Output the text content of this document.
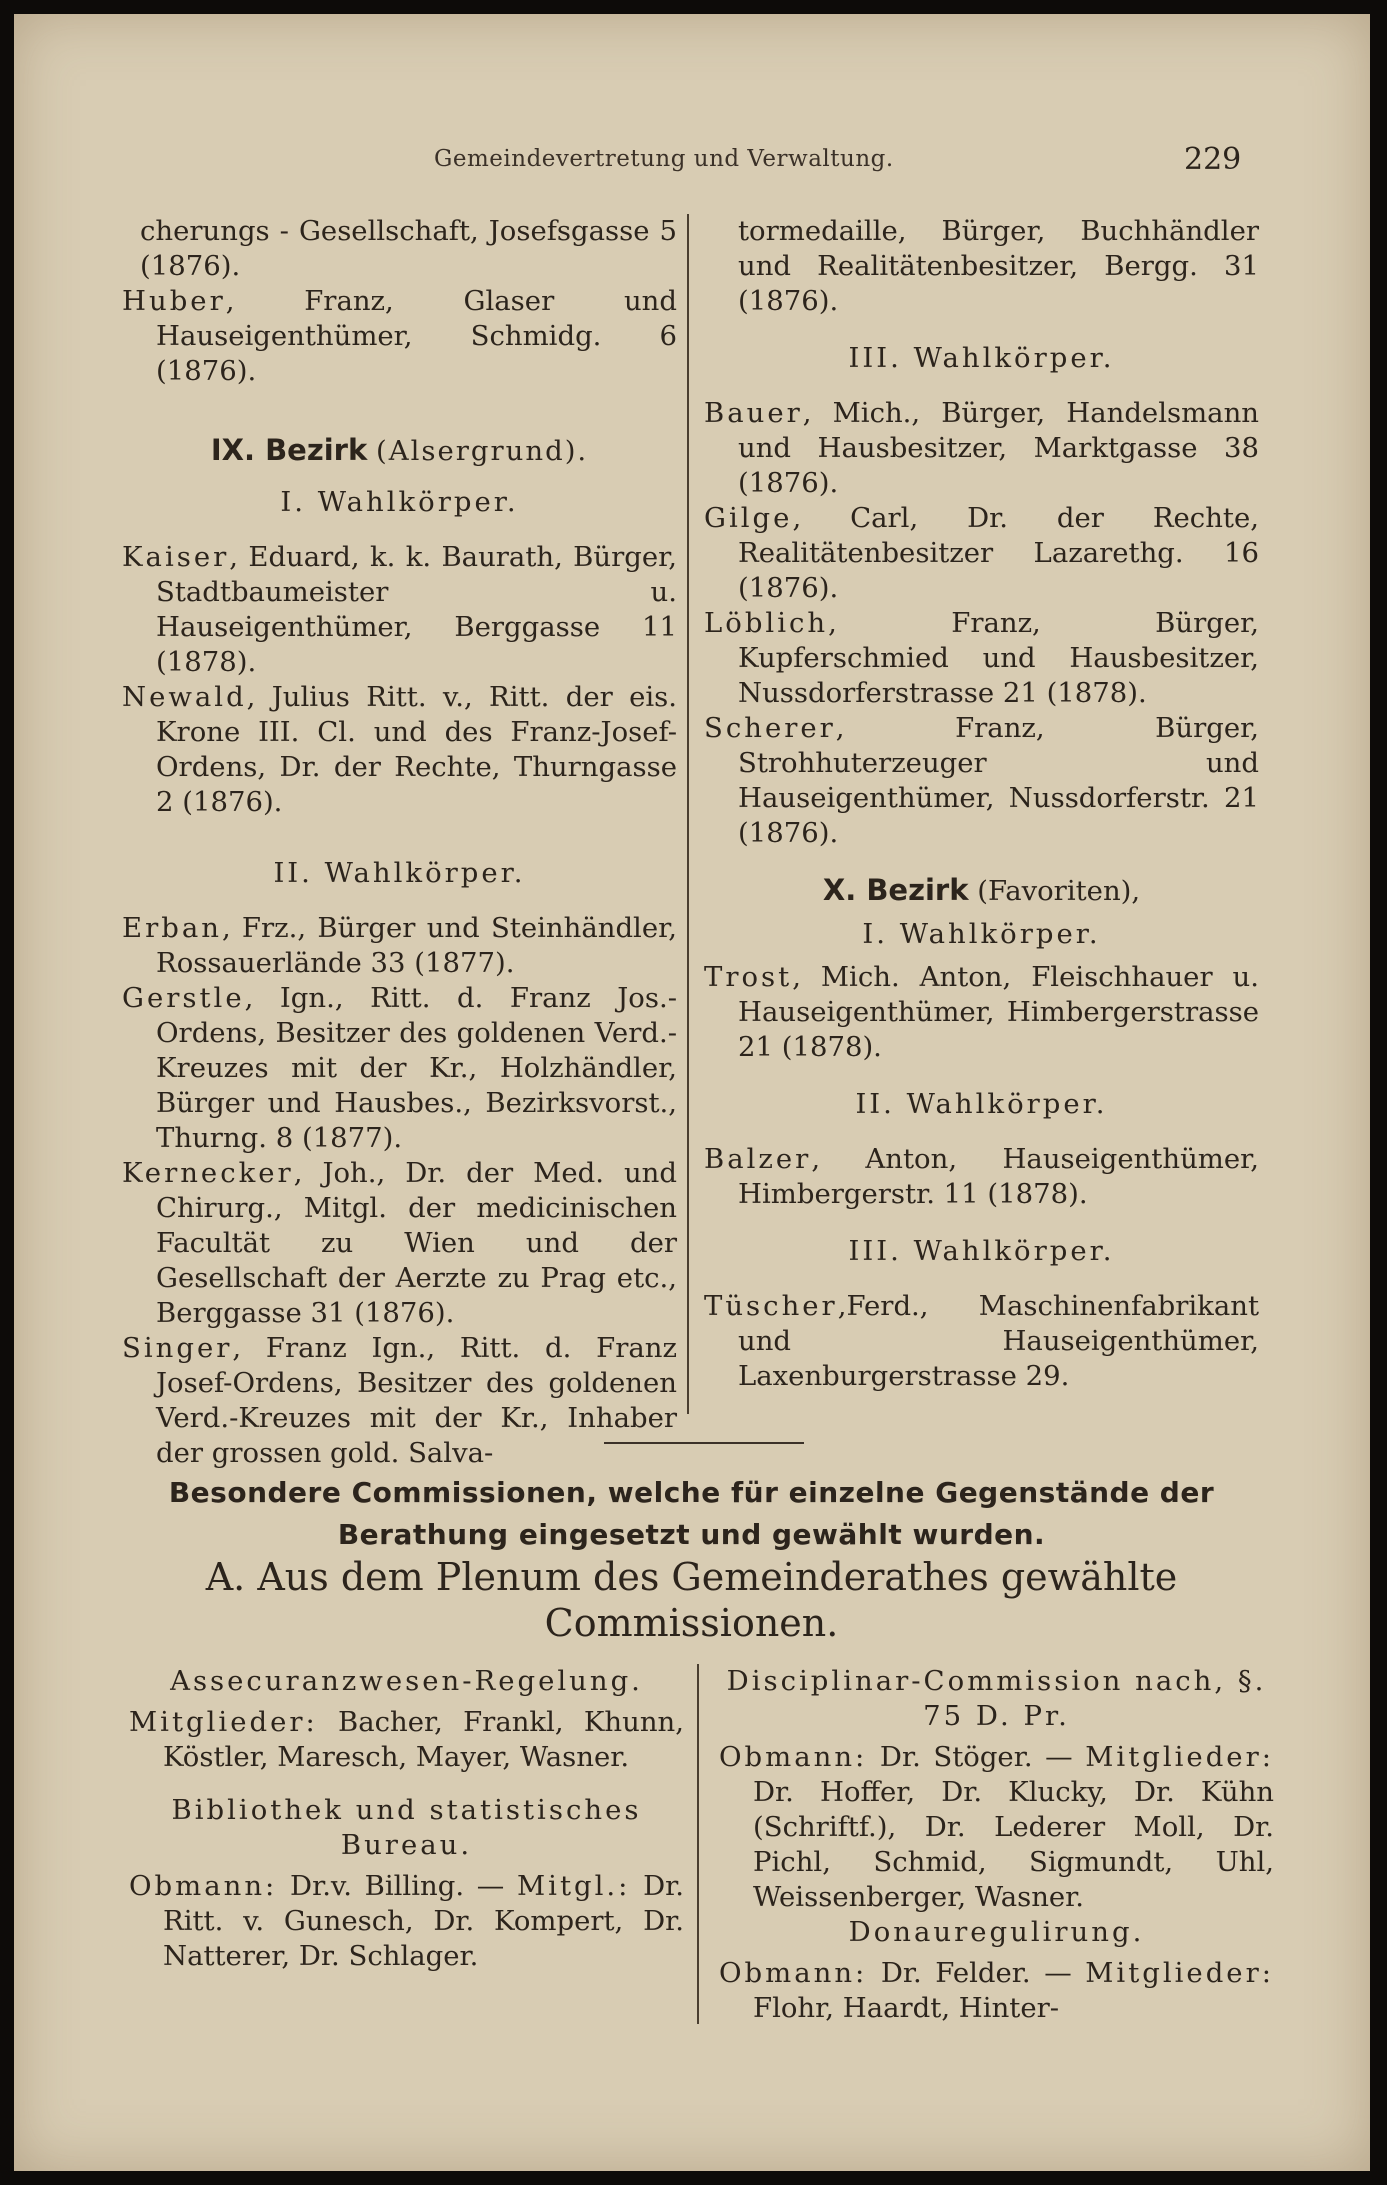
Gemeindevertretung und Verwaltung.	229

cherungs - Gesellschaft, Josefsgasse 5 (1876).

Huber, Franz, Glaser und Hauseigenthümer, Schmidg. 6 (1876).

IX. Bezirk (Alsergrund).
I. Wahlkörper.

Kaiser, Eduard, k. k. Baurath, Bürger, Stadtbaumeister u. Hauseigenthümer, Berggasse 11 (1878).

Newald, Julius Ritt. v., Ritt. der eis. Krone III. Cl. und des Franz-Josef-Ordens, Dr. der Rechte, Thurngasse 2 (1876).

II. Wahlkörper.

Erban, Frz., Bürger und Steinhändler, Rossauerlände 33 (1877).

Gerstle, Ign., Ritt. d. Franz Jos.-Ordens, Besitzer des goldenen Verd.-Kreuzes mit der Kr., Holzhändler, Bürger und Hausbes., Bezirksvorst., Thurng. 8 (1877).

Kernecker, Joh., Dr. der Med. und Chirurg., Mitgl. der medicinischen Facultät zu Wien und der Gesellschaft der Aerzte zu Prag etc., Berggasse 31 (1876).

Singer, Franz Ign., Ritt. d. Franz Josef-Ordens, Besitzer des goldenen Verd.-Kreuzes mit der Kr., Inhaber der grossen gold. Salva-

tormedaille, Bürger, Buchhändler und Realitätenbesitzer, Bergg. 31 (1876).

III. Wahlkörper.

Bauer, Mich., Bürger, Handelsmann und Hausbesitzer, Marktgasse 38 (1876).

Gilge, Carl, Dr. der Rechte, Realitätenbesitzer Lazarethg. 16 (1876).

Löblich, Franz, Bürger, Kupferschmied und Hausbesitzer, Nussdorferstrasse 21 (1878).

Scherer, Franz, Bürger, Strohhuterzeuger und Hauseigenthümer, Nussdorferstr. 21 (1876).

X. Bezirk (Favoriten),
I. Wahlkörper.

Trost, Mich. Anton, Fleischhauer u. Hauseigenthümer, Himbergerstrasse 21 (1878).

II. Wahlkörper.

Balzer, Anton, Hauseigenthümer, Himbergerstr. 11 (1878).

III. Wahlkörper.

Tüscher,Ferd., Maschinenfabrikant und Hauseigenthümer, Laxenburgerstrasse 29.

Besondere Commissionen, welche für einzelne Gegenstände der Berathung eingesetzt und gewählt wurden.
A. Aus dem Plenum des Gemeinderathes gewählte Commissionen.
Assecuranzwesen-Regelung.

Mitglieder: Bacher, Frankl, Khunn, Köstler, Maresch, Mayer, Wasner.

Bibliothek und statistisches Bureau.

Obmann: Dr.v. Billing. — Mitgl.: Dr. Ritt. v. Gunesch, Dr. Kompert, Dr. Natterer, Dr. Schlager.

Disciplinar-Commission nach, §. 75 D. Pr.

Obmann: Dr. Stöger. — Mitglieder: Dr. Hoffer, Dr. Klucky, Dr. Kühn (Schriftf.), Dr. Lederer Moll, Dr. Pichl, Schmid, Sigmundt, Uhl, Weissenberger, Wasner.

Donauregulirung.

Obmann: Dr. Felder. — Mitglieder: Flohr, Haardt, Hinter-
